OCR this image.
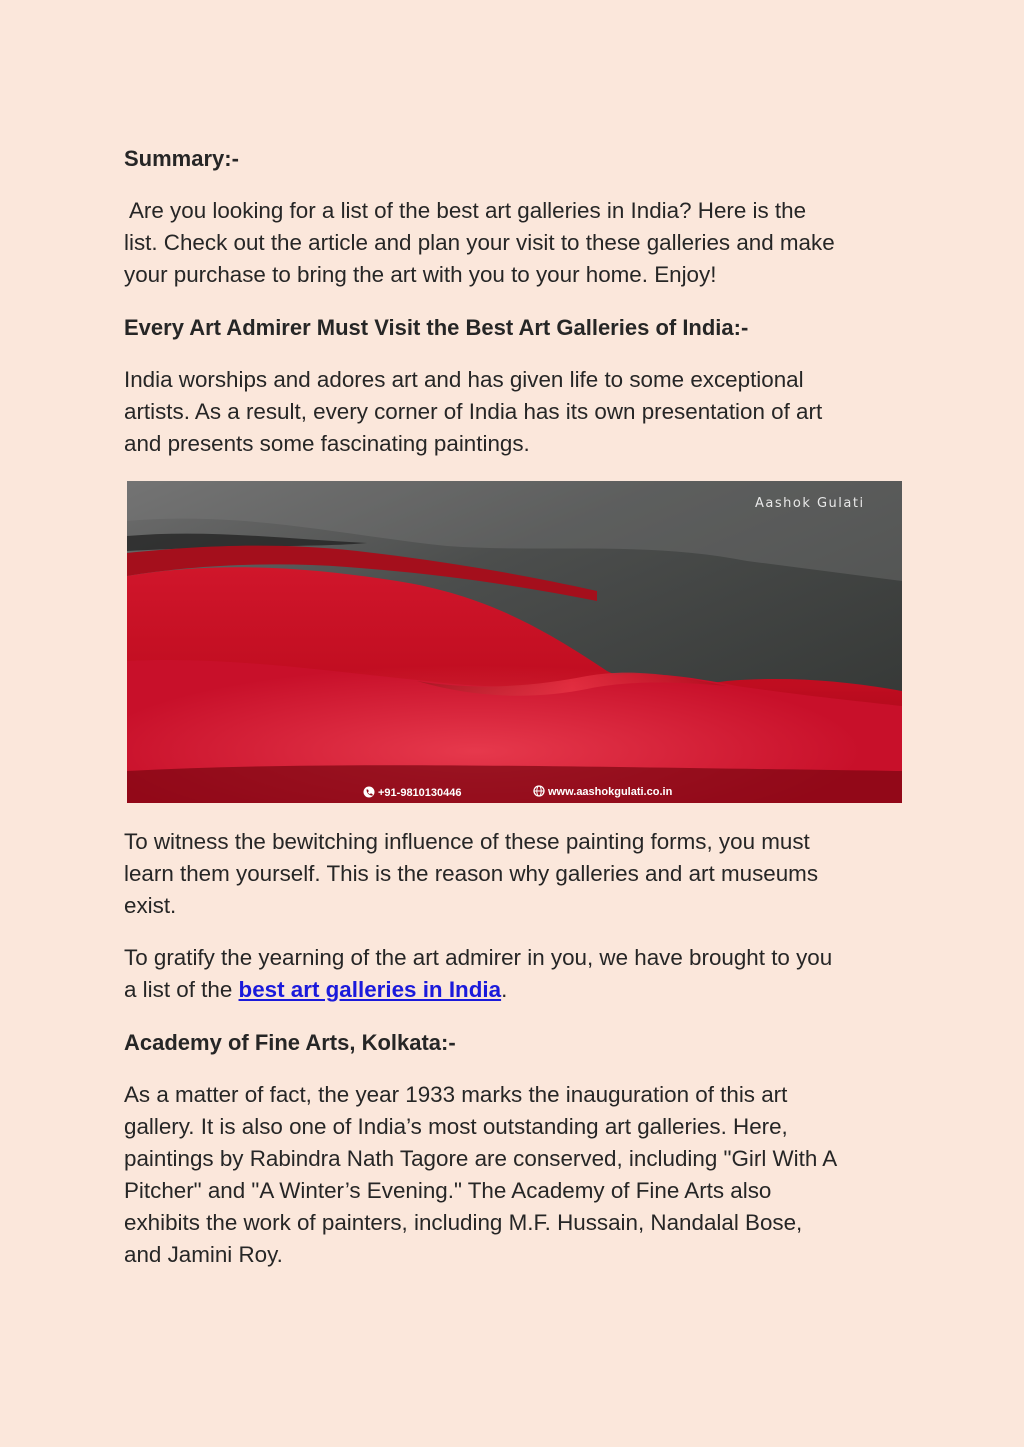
Summary:-
Are you looking for a list of the best art galleries in India? Here is the
list. Check out the article and plan your visit to these galleries and make
your purchase to bring the art with you to your home. Enjoy!
Every Art Admirer Must Visit the Best Art Galleries of India:-
India worships and adores art and has given life to some exceptional
artists. As a result, every corner of India has its own presentation of art
and presents some fascinating paintings.
To witness the bewitching influence of these painting forms, you must
learn them yourself. This is the reason why galleries and art museums
exist.
To gratify the yearning of the art admirer in you, we have brought to you
a list of the best art galleries in India.
Academy of Fine Arts, Kolkata:-
As a matter of fact, the year 1933 marks the inauguration of this art
gallery. It is also one of India’s most outstanding art galleries. Here,
paintings by Rabindra Nath Tagore are conserved, including "Girl With A
Pitcher" and "A Winter’s Evening." The Academy of Fine Arts also
exhibits the work of painters, including M.F. Hussain, Nandalal Bose,
and Jamini Roy.
Aashok Gulati
+91-9810130446	www.aashokgulati.co.in
